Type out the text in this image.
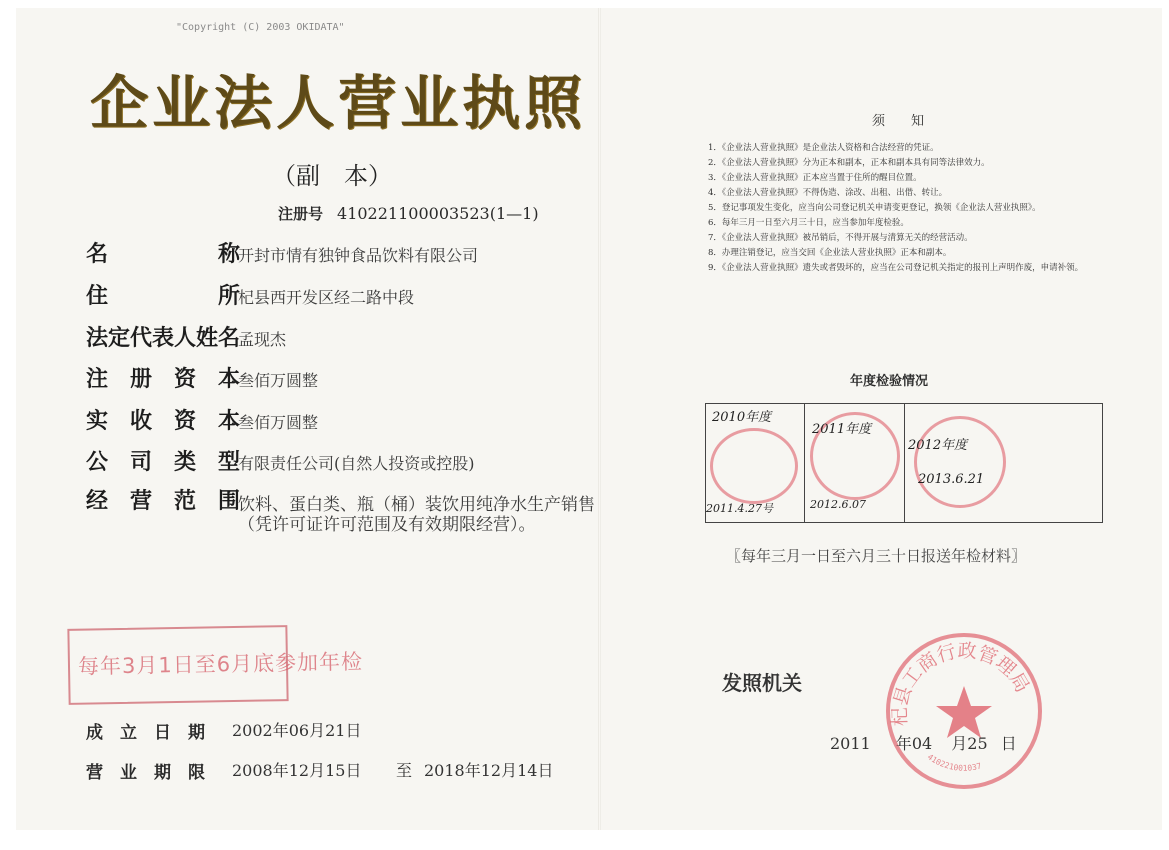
"Copyright (C) 2003 OKIDATA"
企业法人营业执照
（副　本）
注册号 410221100003523(1—1)
名　　　　　称
开封市情有独钟食品饮料有限公司
住　　　　　所
杞县西开发区经二路中段
法定代表人姓名
孟现杰
注　册　资　本
叁佰万圆整
实　收　资　本
叁佰万圆整
公　司　类　型
有限责任公司(自然人投资或控股)
经　营　范　围
饮料、蛋白类、瓶（桶）装饮用纯净水生产销售
（凭许可证许可范围及有效期限经营）。
每年3月1日至6月底参加年检
成　立　日　期 2002年06月21日
营　业　期　限 2008年12月15日 至 2018年12月14日
须　　知
1．《企业法人营业执照》是企业法人资格和合法经营的凭证。
2．《企业法人营业执照》分为正本和副本，正本和副本具有同等法律效力。
3．《企业法人营业执照》正本应当置于住所的醒目位置。
4．《企业法人营业执照》不得伪造、涂改、出租、出借、转让。
5．登记事项发生变化，应当向公司登记机关申请变更登记，换领《企业法人营业执照》。
6．每年三月一日至六月三十日，应当参加年度检验。
7．《企业法人营业执照》被吊销后，不得开展与清算无关的经营活动。
8．办理注销登记，应当交回《企业法人营业执照》正本和副本。
9．《企业法人营业执照》遗失或者毁坏的，应当在公司登记机关指定的报刊上声明作废，申请补领。
年度检验情况
2010年度
2011.4.27号
2011年度
2012.6.07
2012年度
2013.6.21
〖每年三月一日至六月三十日报送年检材料〗
发照机关
杞县工商行政管理局
410221001037
2011 年04 月25 日
